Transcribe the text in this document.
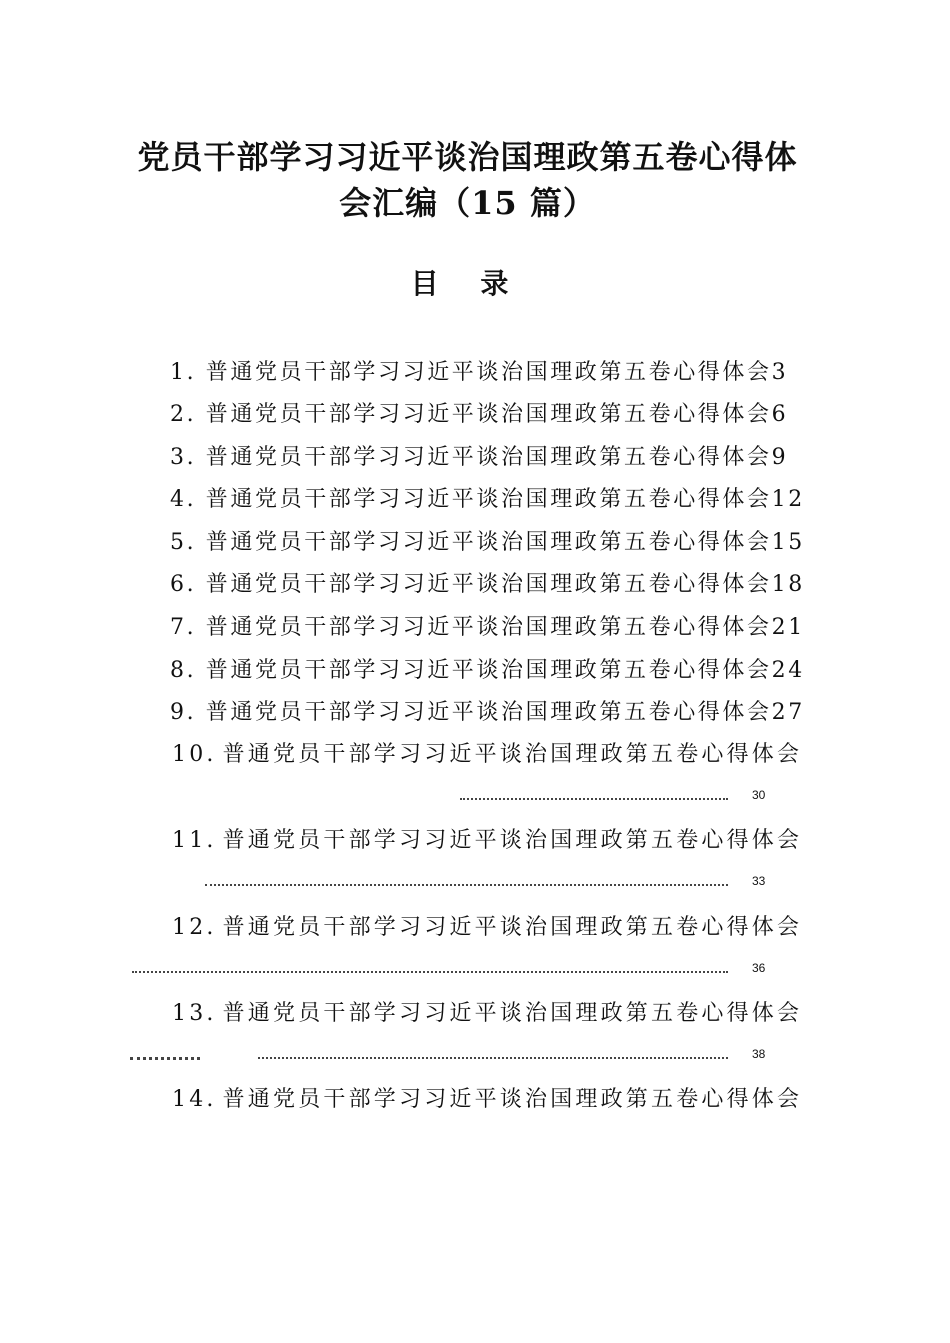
党员干部学习习近平谈治国理政第五卷心得体
会汇编（15 篇）
目 录
1. 普通党员干部学习习近平谈治国理政第五卷心得体会3
2. 普通党员干部学习习近平谈治国理政第五卷心得体会6
3. 普通党员干部学习习近平谈治国理政第五卷心得体会9
4. 普通党员干部学习习近平谈治国理政第五卷心得体会12
5. 普通党员干部学习习近平谈治国理政第五卷心得体会15
6. 普通党员干部学习习近平谈治国理政第五卷心得体会18
7. 普通党员干部学习习近平谈治国理政第五卷心得体会21
8. 普通党员干部学习习近平谈治国理政第五卷心得体会24
9. 普通党员干部学习习近平谈治国理政第五卷心得体会27
30
10. 普通党员干部学习习近平谈治国理政第五卷心得体会
33
11. 普通党员干部学习习近平谈治国理政第五卷心得体会
36
12. 普通党员干部学习习近平谈治国理政第五卷心得体会
38
13. 普通党员干部学习习近平谈治国理政第五卷心得体会
14. 普通党员干部学习习近平谈治国理政第五卷心得体会
